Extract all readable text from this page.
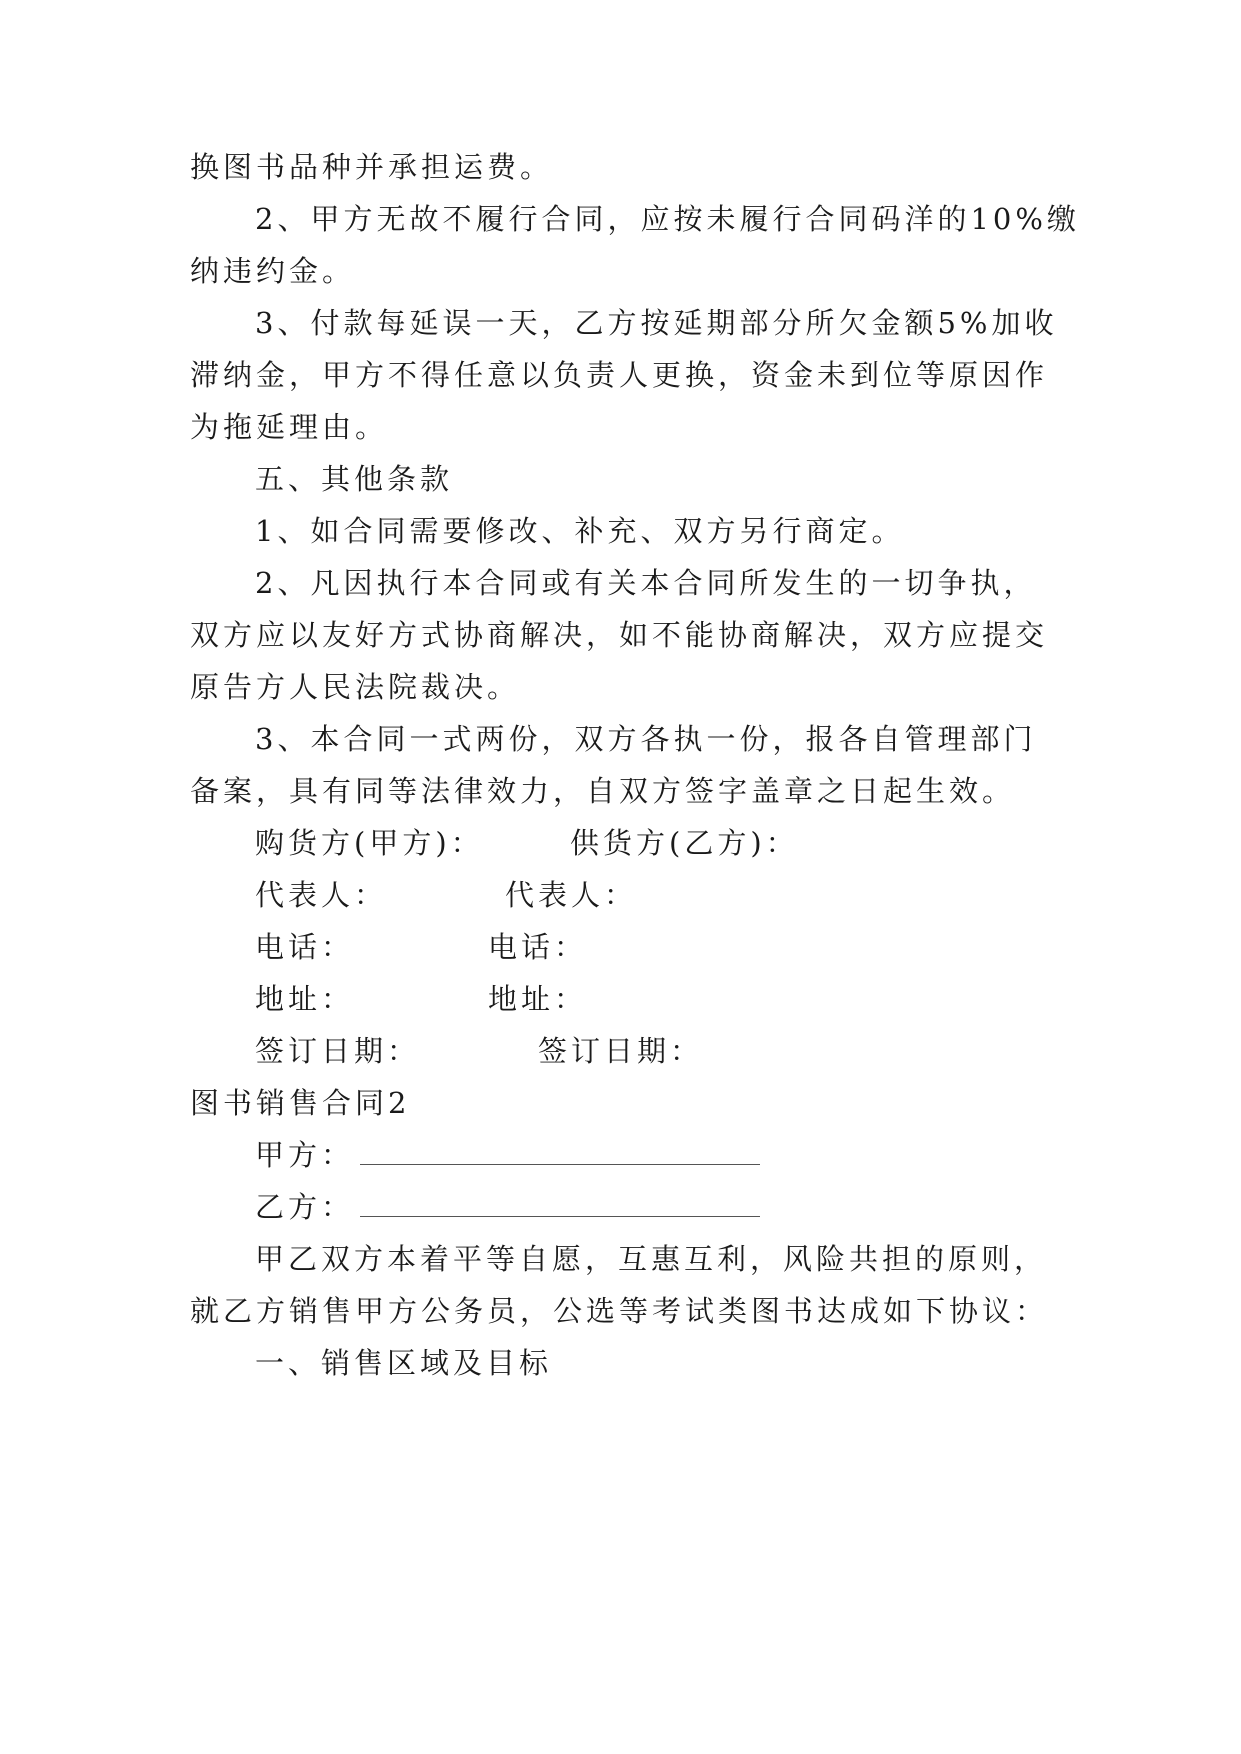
换图书品种并承担运费。
2、甲方无故不履行合同，应按未履行合同码洋的10%缴
纳违约金。
3、付款每延误一天，乙方按延期部分所欠金额5%加收
滞纳金，甲方不得任意以负责人更换，资金未到位等原因作
为拖延理由。
五、其他条款
1、如合同需要修改、补充、双方另行商定。
2、凡因执行本合同或有关本合同所发生的一切争执，
双方应以友好方式协商解决，如不能协商解决，双方应提交
原告方人民法院裁决。
3、本合同一式两份，双方各执一份，报各自管理部门
备案，具有同等法律效力，自双方签字盖章之日起生效。
购货方(甲方)：	供货方(乙方)：
代表人：	代表人：
电话：	电话：
地址：	地址：
签订日期：	签订日期：
图书销售合同2
甲方：
乙方：
甲乙双方本着平等自愿，互惠互利，风险共担的原则，
就乙方销售甲方公务员，公选等考试类图书达成如下协议：
一、销售区域及目标
